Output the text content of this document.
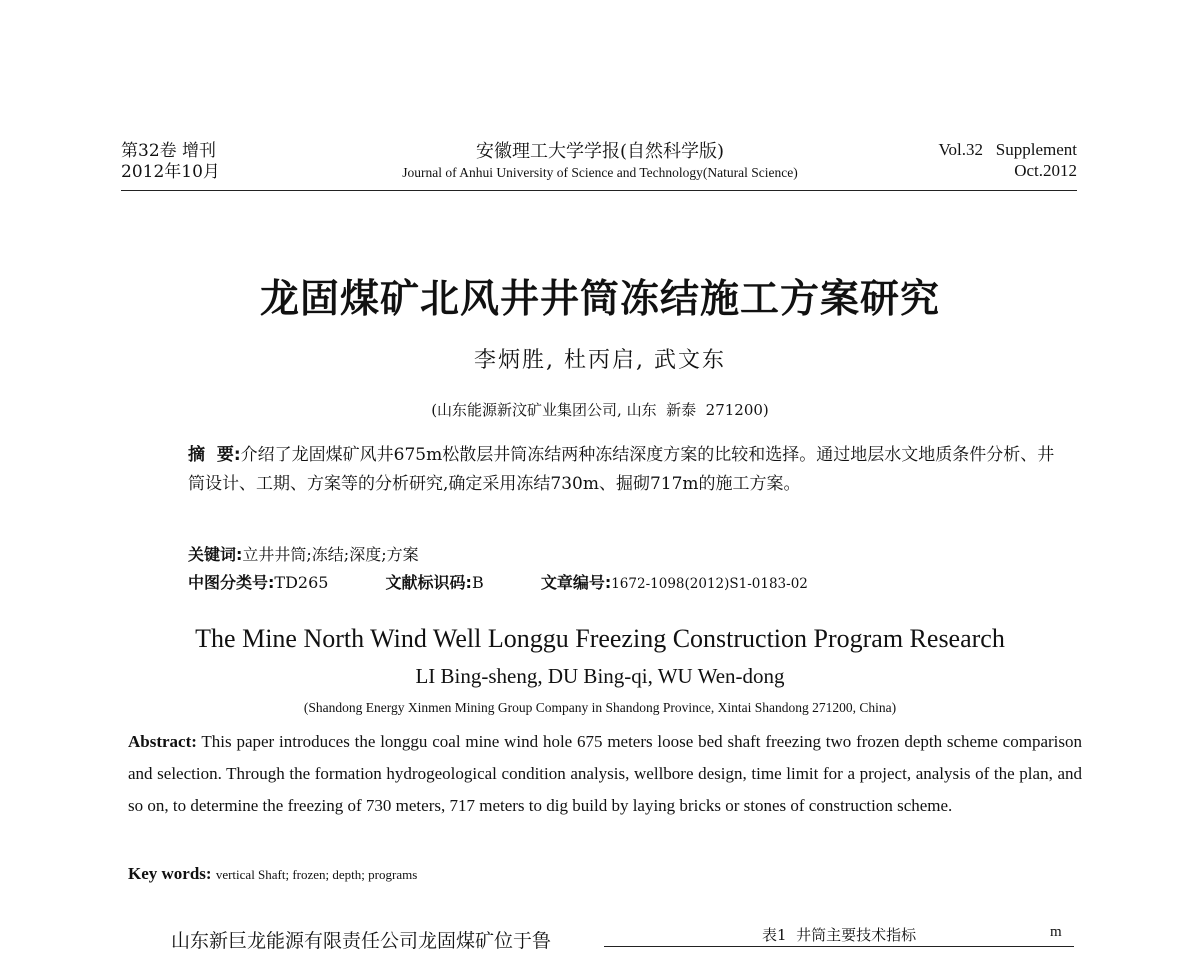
第32卷 增刊
2012年10月
安徽理工大学学报(自然科学版)
Journal of Anhui University of Science and Technology(Natural Science)
Vol.32   Supplement
Oct.2012
龙固煤矿北风井井筒冻结施工方案研究
李炳胜, 杜丙启, 武文东
(山东能源新汶矿业集团公司, 山东  新泰  271200)
摘  要:介绍了龙固煤矿风井675m松散层井筒冻结两种冻结深度方案的比较和选择。通过地层水文地质条件分析、井筒设计、工期、方案等的分析研究,确定采用冻结730m、掘砌717m的施工方案。
关键词:立井井筒;冻结;深度;方案
中图分类号:TD265	文献标识码:B	文章编号:1672-1098(2012)S1-0183-02
The Mine North Wind Well Longgu Freezing Construction Program Research
LI Bing-sheng, DU Bing-qi, WU Wen-dong
(Shandong Energy Xinmen Mining Group Company in Shandong Province, Xintai Shandong 271200, China)
Abstract: This paper introduces the longgu coal mine wind hole 675 meters loose bed shaft freezing two frozen depth scheme comparison and selection. Through the formation hydrogeological condition analysis, wellbore design, time limit for a project, analysis of the plan, and so on, to determine the freezing of 730 meters, 717 meters to dig build by laying bricks or stones of construction scheme.
Key words: vertical Shaft; frozen; depth; programs
山东新巨龙能源有限责任公司龙固煤矿位于鲁	表1  井筒主要技术指标	m
